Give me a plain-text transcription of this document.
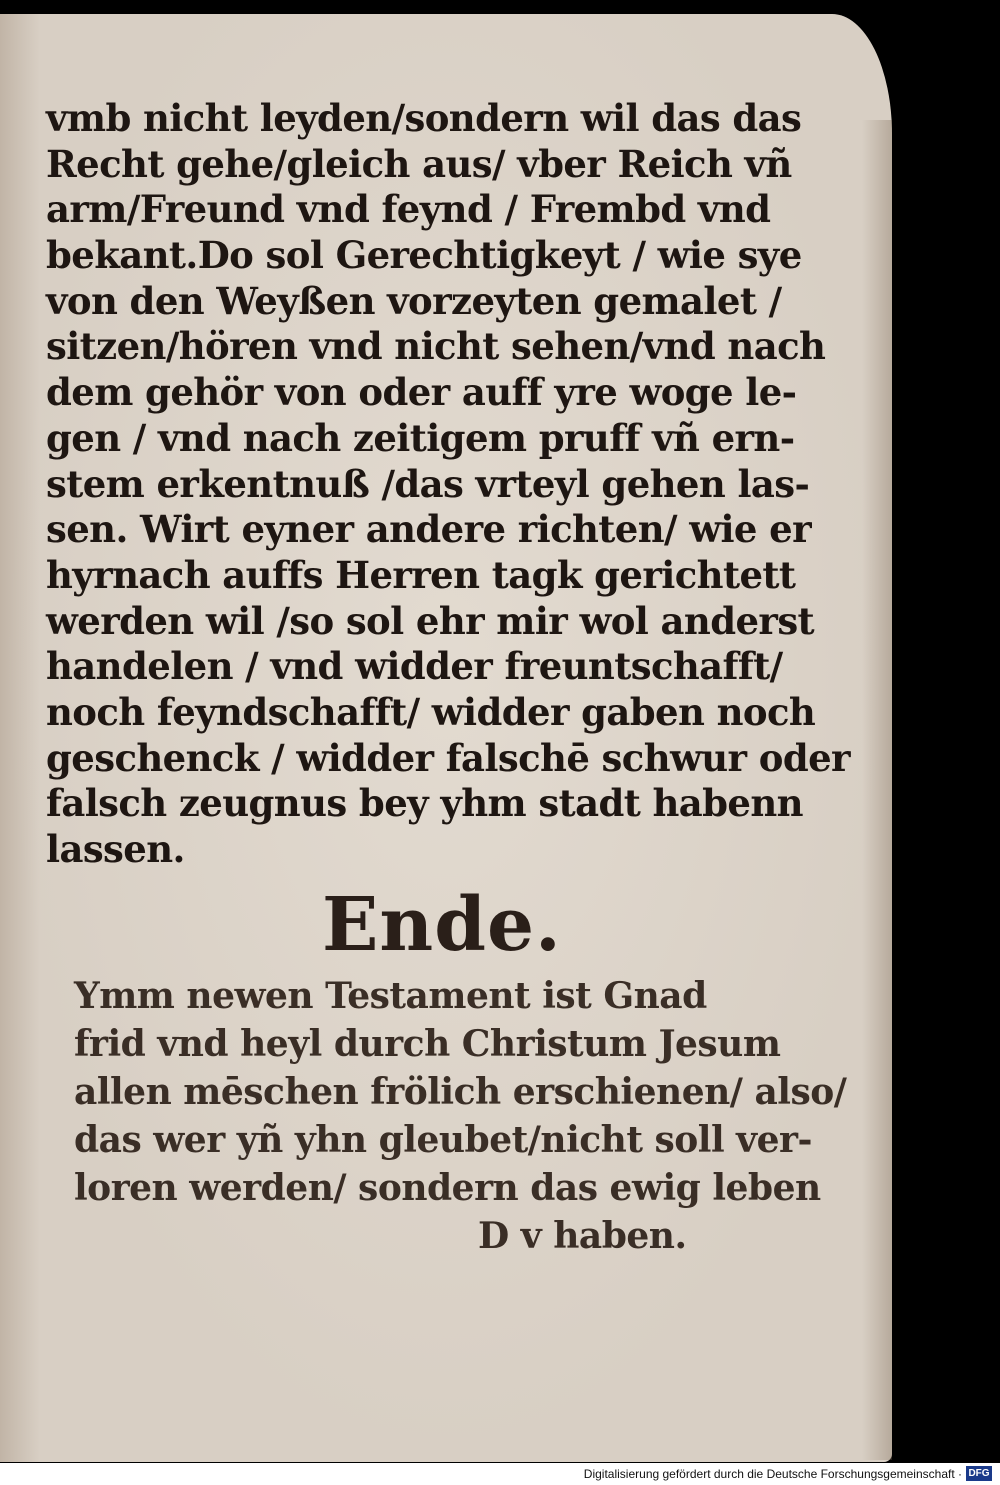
vmb nicht leyden/sondern wil das das
Recht gehe/gleich aus/ vber Reich vñ
arm/Freund vnd feynd / Frembd vnd
bekant.Do sol Gerechtigkeyt / wie sye
von den Weyßen vorzeyten gemalet /
sitzen/hören vnd nicht sehen/vnd nach
dem gehör von oder auff yre woge le-
gen / vnd nach zeitigem pruff vñ ern-
stem erkentnuß /das vrteyl gehen las-
sen. Wirt eyner andere richten/ wie er
hyrnach auffs Herren tagk gerichtett
werden wil /so sol ehr mir wol anderst
handelen / vnd widder freuntschafft/
noch feyndschafft/ widder gaben noch
geschenck / widder falschē schwur oder
falsch zeugnus bey yhm stadt habenn
lassen.
Ende.
Ymm newen Testament ist Gnad
frid vnd heyl durch Christum Jesum
allen mēschen frölich erschienen/ also/
das wer yñ yhn gleubet/nicht soll ver-
loren werden/ sondern das ewig leben
D v haben.
Digitalisierung gefördert durch die Deutsche Forschungsgemeinschaft · DFG
